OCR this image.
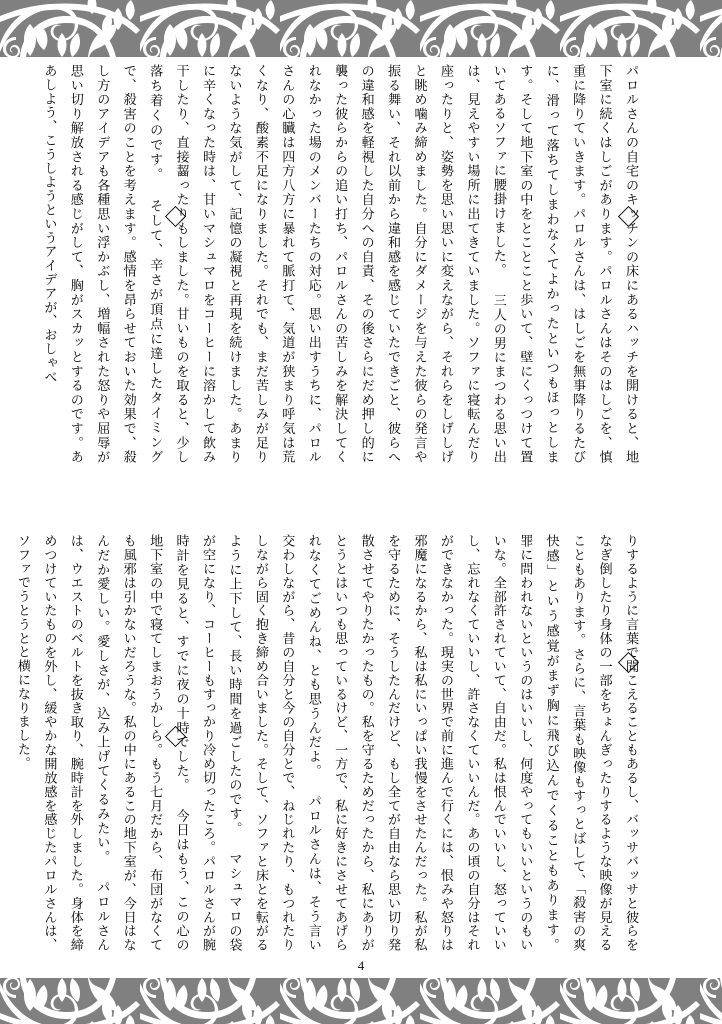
パロルさんの自宅のキッチンの床にあるハッチを開けると、地下室に続くはしごがあります。パロルさんはそのはしごを、慎重に降りていきます。パロルさんは、はしごを無事降りるたびに、滑って落ちてしまわなくてよかったといつもほっとします。そして地下室の中をとことこと歩いて、壁にくっつけて置いてあるソファに腰掛けました。 三人の男にまつわる思い出は、見えやすい場所に出てきていました。ソファに寝転んだり座ったりと、姿勢を思い思いに変えながら、それらをしげしげと眺め噛み締めました。自分にダメージを与えた彼らの発言や振る舞い、それ以前から違和感を感じていたできごと、彼らへの違和感を軽視した自分への自責、その後さらにだめ押し的に襲った彼らからの追い打ち、パロルさんの苦しみを解決してくれなかった場のメンバーたちの対応。思い出すうちに、パロルさんの心臓は四方八方に暴れて脈打て、気道が狭まり呼気は荒くなり、酸素不足になりました。それでも、まだ苦しみが足りないような気がして、記憶の凝視と再現を続けました。あまりに辛くなった時は、甘いマシュマロをコーヒーに溶かして飲み干したり、直接齧ったりもしました。甘いものを取ると、少し落ち着くのです。 そして、辛さが頂点に達したタイミングで、殺害のことを考えます。感情を昂らせておいた効果で、殺し方のアイデアも各種思い浮かぶし、増幅された怒りや屈辱が思い切り解放される感じがして、胸がスカッとするのです。ああしよう、こうしようというアイデアが、おしゃべ
りするように言葉で聞こえることもあるし、バッサバッサと彼らをなぎ倒したり身体の一部をちょんぎったりするような映像が見えることもあります。さらに、言葉も映像もすっとばして、「殺害の爽快感」という感覚がまず胸に飛び込んでくることもあります。 罪に問われないというのはいいし、何度やってもいいというのもいいな。全部許されていて、自由だ。私は恨んでいいし、怒っていいし、忘れなくていいし、許さなくていいんだ。あの頃の自分はそれができなかった。現実の世界で前に進んで行くには、恨みや怒りは邪魔になるから、私は私にいっぱい我慢をさせたんだった。私が私を守るために、そうしたんだけど、もし全てが自由なら思い切り発散させてやりたかったもの。私を守るためだったから、私にありがとうとはいつも思っているけど、一方で、私に好きにさせてあげられなくてごめんね、とも思うんだよ。 パロルさんは、そう言い交わしながら、昔の自分と今の自分とで、ねじれたり、もつれたりしながら固く抱き締め合いました。そして、ソファと床とを転がるように上下して、長い時間を過ごしたのです。 マシュマロの袋が空になり、コーヒーもすっかり冷め切ったころ。パロルさんが腕時計を見ると、すでに夜の十時でした。 今日はもう、この心の地下室の中で寝てしまおうかしら。もう七月だから、布団がなくても風邪は引かないだろうな。私の中にあるこの地下室が、今日はなんだか愛しい。愛しさが、込み上げてくるみたい。 パロルさんは、ウエストのベルトを抜き取り、腕時計を外しました。身体を締めつけていたものを外し、緩やかな開放感を感じたパロルさんは、ソファでうとうとと横になりました。
4
